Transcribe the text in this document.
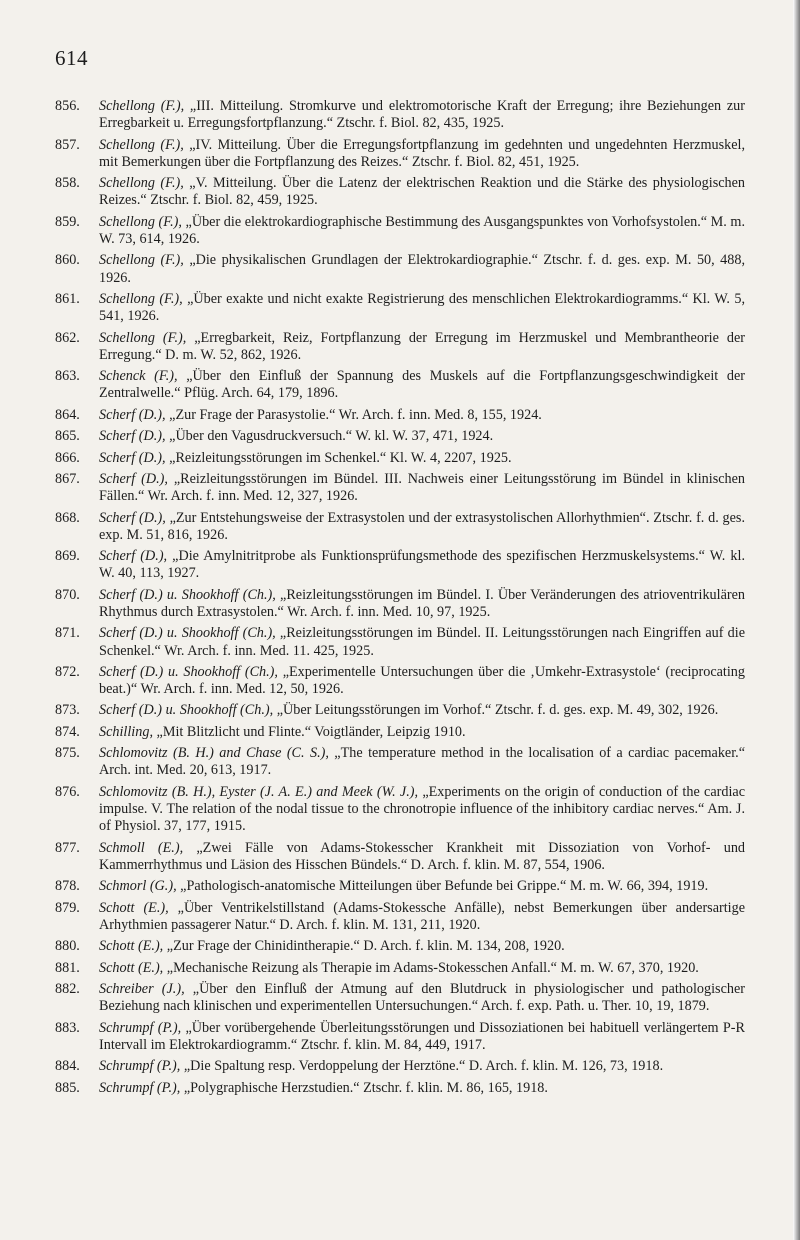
614
856. Schellong (F.), „III. Mitteilung. Stromkurve und elektromotorische Kraft der Erregung; ihre Beziehungen zur Erregbarkeit u. Erregungsfortpflanzung.“ Ztschr. f. Biol. 82, 435, 1925.
857. Schellong (F.), „IV. Mitteilung. Über die Erregungsfortpflanzung im gedehnten und ungedehnten Herzmuskel, mit Bemerkungen über die Fortpflanzung des Reizes.“ Ztschr. f. Biol. 82, 451, 1925.
858. Schellong (F.), „V. Mitteilung. Über die Latenz der elektrischen Reaktion und die Stärke des physiologischen Reizes.“ Ztschr. f. Biol. 82, 459, 1925.
859. Schellong (F.), „Über die elektrokardiographische Bestimmung des Ausgangspunktes von Vorhofsystolen.“ M. m. W. 73, 614, 1926.
860. Schellong (F.), „Die physikalischen Grundlagen der Elektrokardiographie.“ Ztschr. f. d. ges. exp. M. 50, 488, 1926.
861. Schellong (F.), „Über exakte und nicht exakte Registrierung des menschlichen Elektrokardiogramms.“ Kl. W. 5, 541, 1926.
862. Schellong (F.), „Erregbarkeit, Reiz, Fortpflanzung der Erregung im Herzmuskel und Membrantheorie der Erregung.“ D. m. W. 52, 862, 1926.
863. Schenck (F.), „Über den Einfluß der Spannung des Muskels auf die Fortpflanzungsgeschwindigkeit der Zentralwelle.“ Pflüg. Arch. 64, 179, 1896.
864. Scherf (D.), „Zur Frage der Parasystolie.“ Wr. Arch. f. inn. Med. 8, 155, 1924.
865. Scherf (D.), „Über den Vagusdruckversuch.“ W. kl. W. 37, 471, 1924.
866. Scherf (D.), „Reizleitungsstörungen im Schenkel.“ Kl. W. 4, 2207, 1925.
867. Scherf (D.), „Reizleitungsstörungen im Bündel. III. Nachweis einer Leitungsstörung im Bündel in klinischen Fällen.“ Wr. Arch. f. inn. Med. 12, 327, 1926.
868. Scherf (D.), „Zur Entstehungsweise der Extrasystolen und der extrasystolischen Allorhythmien“. Ztschr. f. d. ges. exp. M. 51, 816, 1926.
869. Scherf (D.), „Die Amylnitritprobe als Funktionsprüfungsmethode des spezifischen Herzmuskelsystems.“ W. kl. W. 40, 113, 1927.
870. Scherf (D.) u. Shookhoff (Ch.), „Reizleitungsstörungen im Bündel. I. Über Veränderungen des atrioventrikulären Rhythmus durch Extrasystolen.“ Wr. Arch. f. inn. Med. 10, 97, 1925.
871. Scherf (D.) u. Shookhoff (Ch.), „Reizleitungsstörungen im Bündel. II. Leitungsstörungen nach Eingriffen auf die Schenkel.“ Wr. Arch. f. inn. Med. 11. 425, 1925.
872. Scherf (D.) u. Shookhoff (Ch.), „Experimentelle Untersuchungen über die ‚Umkehr-Extrasystole‘ (reciprocating beat.)“ Wr. Arch. f. inn. Med. 12, 50, 1926.
873. Scherf (D.) u. Shookhoff (Ch.), „Über Leitungsstörungen im Vorhof.“ Ztschr. f. d. ges. exp. M. 49, 302, 1926.
874. Schilling, „Mit Blitzlicht und Flinte.“ Voigtländer, Leipzig 1910.
875. Schlomovitz (B. H.) and Chase (C. S.), „The temperature method in the localisation of a cardiac pacemaker.“ Arch. int. Med. 20, 613, 1917.
876. Schlomovitz (B. H.), Eyster (J. A. E.) and Meek (W. J.), „Experiments on the origin of conduction of the cardiac impulse. V. The relation of the nodal tissue to the chronotropie influence of the inhibitory cardiac nerves.“ Am. J. of Physiol. 37, 177, 1915.
877. Schmoll (E.), „Zwei Fälle von Adams-Stokesscher Krankheit mit Dissoziation von Vorhof- und Kammerrhythmus und Läsion des Hisschen Bündels.“ D. Arch. f. klin. M. 87, 554, 1906.
878. Schmorl (G.), „Pathologisch-anatomische Mitteilungen über Befunde bei Grippe.“ M. m. W. 66, 394, 1919.
879. Schott (E.), „Über Ventrikelstillstand (Adams-Stokessche Anfälle), nebst Bemerkungen über andersartige Arhythmien passagerer Natur.“ D. Arch. f. klin. M. 131, 211, 1920.
880. Schott (E.), „Zur Frage der Chinidintherapie.“ D. Arch. f. klin. M. 134, 208, 1920.
881. Schott (E.), „Mechanische Reizung als Therapie im Adams-Stokesschen Anfall.“ M. m. W. 67, 370, 1920.
882. Schreiber (J.), „Über den Einfluß der Atmung auf den Blutdruck in physiologischer und pathologischer Beziehung nach klinischen und experimentellen Untersuchungen.“ Arch. f. exp. Path. u. Ther. 10, 19, 1879.
883. Schrumpf (P.), „Über vorübergehende Überleitungsstörungen und Dissoziationen bei habituell verlängertem P-R Intervall im Elektrokardiogramm.“ Ztschr. f. klin. M. 84, 449, 1917.
884. Schrumpf (P.), „Die Spaltung resp. Verdoppelung der Herztöne.“ D. Arch. f. klin. M. 126, 73, 1918.
885. Schrumpf (P.), „Polygraphische Herzstudien.“ Ztschr. f. klin. M. 86, 165, 1918.
